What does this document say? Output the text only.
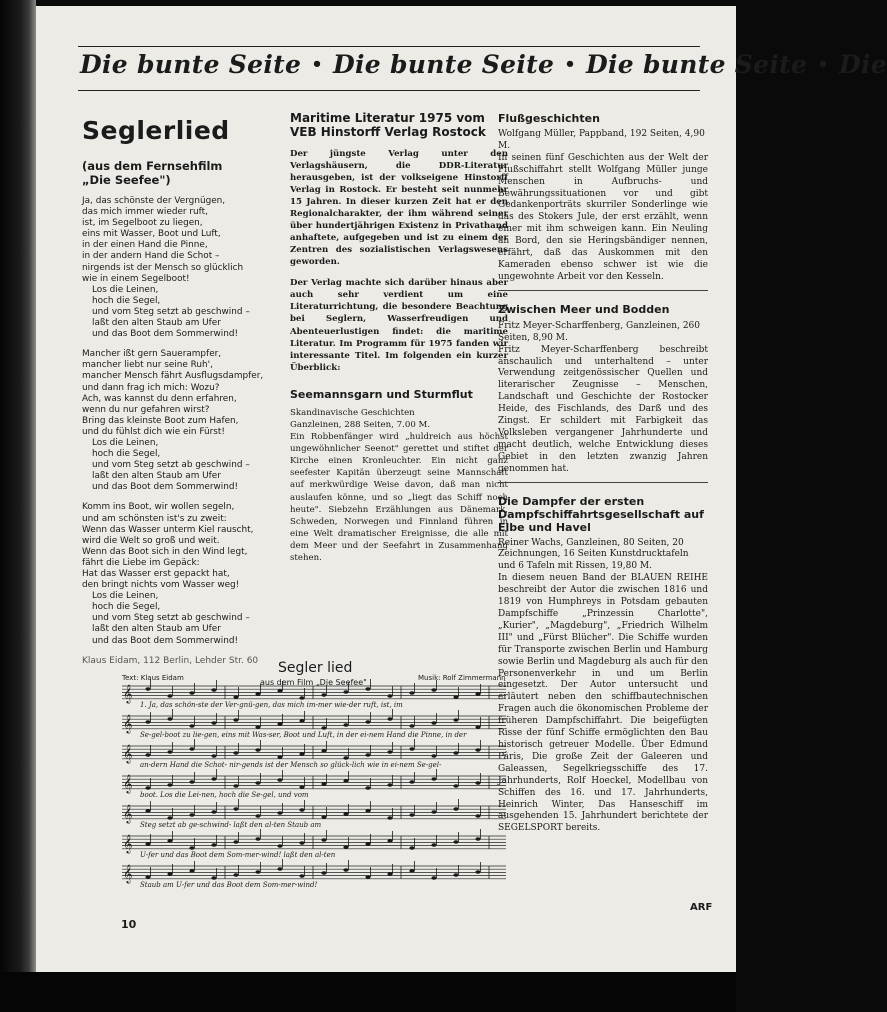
Die bunte Seite • Die bunte Seite • Die bunte Seite • Die
Seglerlied
(aus dem Fernsehfilm
„Die Seefee")
Ja, das schönste der Vergnügen,
das mich immer wieder ruft,
ist, im Segelboot zu liegen,
eins mit Wasser, Boot und Luft,
in der einen Hand die Pinne,
in der andern Hand die Schot –
nirgends ist der Mensch so glücklich
wie in einem Segelboot!
Los die Leinen,
hoch die Segel,
und vom Steg setzt ab geschwind –
laßt den alten Staub am Ufer
und das Boot dem Sommerwind!
Mancher ißt gern Sauerampfer,
mancher liebt nur seine Ruh',
mancher Mensch fährt Ausflugsdampfer,
und dann frag ich mich: Wozu?
Ach, was kannst du denn erfahren,
wenn du nur gefahren wirst?
Bring das kleinste Boot zum Hafen,
und du fühlst dich wie ein Fürst!
Los die Leinen,
hoch die Segel,
und vom Steg setzt ab geschwind –
laßt den alten Staub am Ufer
und das Boot dem Sommerwind!
Komm ins Boot, wir wollen segeln,
und am schönsten ist's zu zweit:
Wenn das Wasser unterm Kiel rauscht,
wird die Welt so groß und weit.
Wenn das Boot sich in den Wind legt,
fährt die Liebe im Gepäck:
Hat das Wasser erst gepackt hat,
den bringt nichts vom Wasser weg!
Los die Leinen,
hoch die Segel,
und vom Steg setzt ab geschwind –
laßt den alten Staub am Ufer
und das Boot dem Sommerwind!
Klaus Eidam, 112 Berlin, Lehder Str. 60
Maritime Literatur 1975 vom VEB Hinstorff Verlag Rostock

Der jüngste Verlag unter den Verlagshäusern, die DDR-Literatur herausgeben, ist der volkseigene Hinstorff Verlag in Rostock. Er besteht seit nunmehr 15 Jahren. In dieser kurzen Zeit hat er den Regionalcharakter, der ihm während seiner über hundertjährigen Existenz in Privathand anhaftete, aufgegeben und ist zu einem der Zentren des sozialistischen Verlagswesens geworden.

Der Verlag machte sich darüber hinaus aber auch sehr verdient um eine Literaturrichtung, die besondere Beachtung bei Seglern, Wasserfreudigen und Abenteuerlustigen findet: die maritime Literatur. Im Programm für 1975 fanden wir interessante Titel. Im folgenden ein kurzer Überblick:

Seemannsgarn und Sturmflut

Skandinavische Geschichten

Ganzleinen, 288 Seiten, 7.00 M.

Ein Robbenfänger wird „huldreich aus höchst ungewöhnlicher Seenot" gerettet und stiftet der Kirche einen Kronleuchter. Ein nicht ganz seefester Kapitän überzeugt seine Mannschaft auf merkwürdige Weise davon, daß man nicht auslaufen könne, und so „liegt das Schiff noch heute". Siebzehn Erzählungen aus Dänemark, Schweden, Norwegen und Finnland führen in eine Welt dramatischer Ereignisse, die alle mit dem Meer und der Seefahrt in Zusammenhang stehen.

Flußgeschichten

Wolfgang Müller, Pappband, 192 Seiten, 4,90 M.

In seinen fünf Geschichten aus der Welt der Flußschiffahrt stellt Wolfgang Müller junge Menschen in Aufbruchs- und Bewährungssituationen vor und gibt Gedankenporträts skurriler Sonderlinge wie das des Stokers Jule, der erst erzählt, wenn einer mit ihm schweigen kann. Ein Neuling an Bord, den sie Heringsbändiger nennen, erfährt, daß das Auskommen mit den Kameraden ebenso schwer ist wie die ungewohnte Arbeit vor den Kesseln.

Zwischen Meer und Bodden

Fritz Meyer-Scharffenberg, Ganzleinen, 260 Seiten, 8,90 M.

Fritz Meyer-Scharffenberg beschreibt anschaulich und unterhaltend – unter Verwendung zeitgenössischer Quellen und literarischer Zeugnisse – Menschen, Landschaft und Geschichte der Rostocker Heide, des Fischlands, des Darß und des Zingst. Er schildert mit Farbigkeit das Volksleben vergangener Jahrhunderte und macht deutlich, welche Entwicklung dieses Gebiet in den letzten zwanzig Jahren genommen hat.

Die Dampfer der ersten Dampfschiffahrtsgesellschaft auf Elbe und Havel

Reiner Wachs, Ganzleinen, 80 Seiten, 20 Zeichnungen, 16 Seiten Kunstdrucktafeln und 6 Tafeln mit Rissen, 19,80 M.

In diesem neuen Band der BLAUEN REIHE beschreibt der Autor die zwischen 1816 und 1819 von Humphreys in Potsdam gebauten Dampfschiffe „Prinzessin Charlotte", „Kurier", „Magdeburg", „Friedrich Wilhelm III" und „Fürst Blücher". Die Schiffe wurden für Transporte zwischen Berlin und Hamburg sowie Berlin und Magdeburg als auch für den Personenverkehr in und um Berlin eingesetzt. Der Autor untersucht und erläutert neben den schiffbautechnischen Fragen auch die ökonomischen Probleme der früheren Dampfschiffahrt. Die beigefügten Risse der fünf Schiffe ermöglichten den Bau historisch getreuer Modelle. Über Edmund Pâris, Die große Zeit der Galeeren und Galeassen, Segelkriegsschiffe des 17. Jahrhunderts, Rolf Hoeckel, Modellbau von Schiffen des 16. und 17. Jahrhunderts, Heinrich Winter, Das Hanseschiff im ausgehenden 15. Jahrhundert berichtete der SEGELSPORT bereits.

Segler lied
Text: Klaus Eidam	aus dem Film „Die Seefee"	Musik: Rolf Zimmermann
𝄞
𝄞
𝄞
𝄞
𝄞
𝄞
𝄞
1. Ja, das schön-ste der Ver-gnü-gen, das mich im-mer wie-der ruft, ist, im
Se-gel-boot zu lie-gen, eins mit Was-ser, Boot und Luft, in der ei-nem Hand die Pinne, in der
an-dern Hand die Schot- nir-gends ist der Mensch so glück-lich wie in ei-nem Se-gel-
boot. Los die Lei-nen, hoch die Se-gel, und vom
Steg setzt ab ge-schwind- laßt den al-ten Staub am
U-fer und das Boot dem Som-mer-wind! laßt den al-ten
Staub am U-fer und das Boot dem Som-mer-wind!
ARF
10
